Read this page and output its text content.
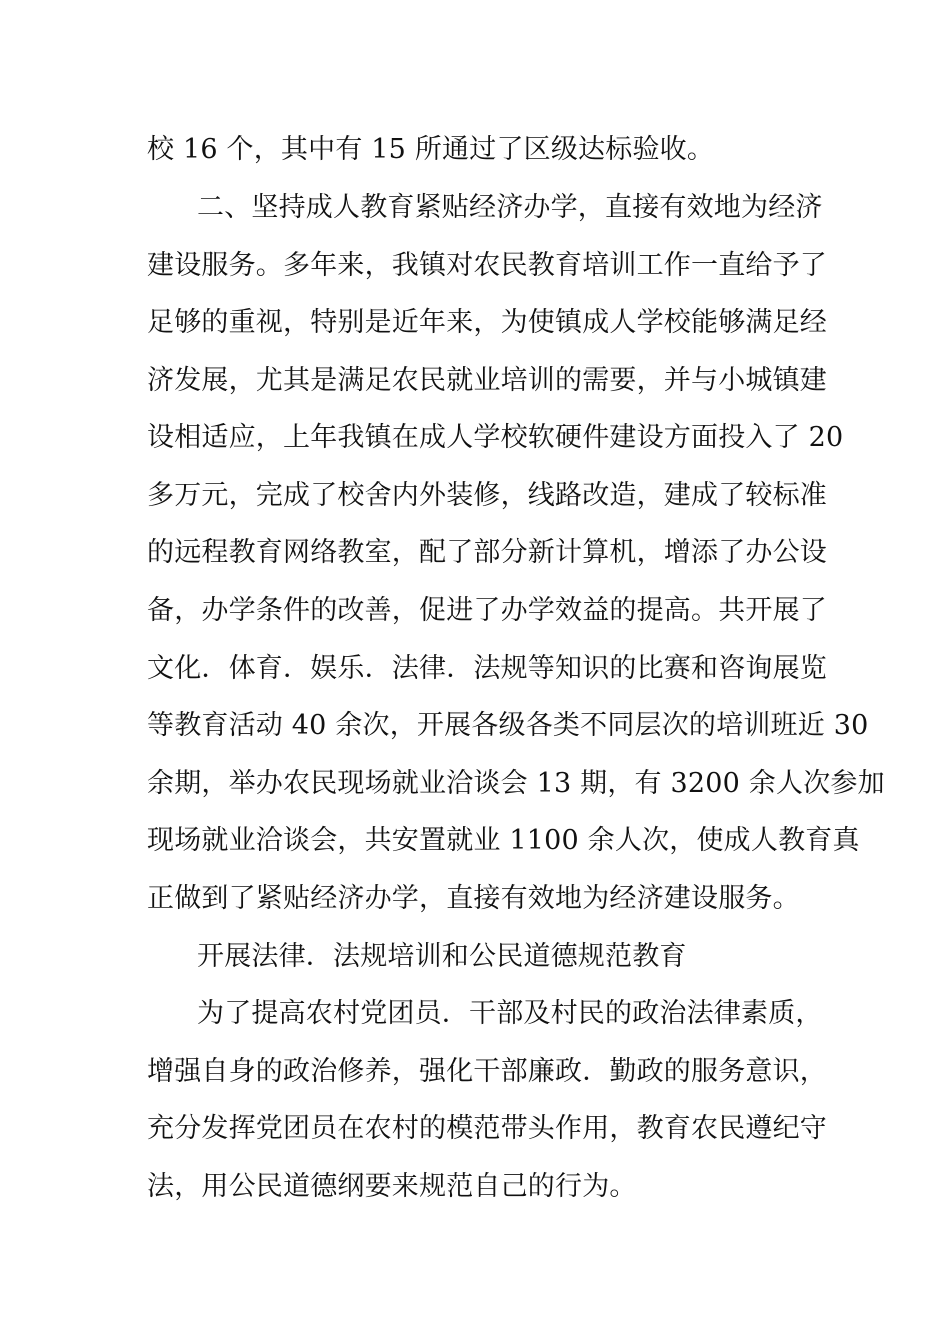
校 16 个，其中有 15 所通过了区级达标验收。
二、坚持成人教育紧贴经济办学，直接有效地为经济
建设服务。多年来，我镇对农民教育培训工作一直给予了
足够的重视，特别是近年来，为使镇成人学校能够满足经
济发展，尤其是满足农民就业培训的需要，并与小城镇建
设相适应，上年我镇在成人学校软硬件建设方面投入了 20
多万元，完成了校舍内外装修，线路改造，建成了较标准
的远程教育网络教室，配了部分新计算机，增添了办公设
备，办学条件的改善，促进了办学效益的提高。共开展了
文化．体育．娱乐．法律．法规等知识的比赛和咨询展览
等教育活动 40 余次，开展各级各类不同层次的培训班近 30
余期，举办农民现场就业洽谈会 13 期，有 3200 余人次参加
现场就业洽谈会，共安置就业 1100 余人次，使成人教育真
正做到了紧贴经济办学，直接有效地为经济建设服务。
开展法律．法规培训和公民道德规范教育
为了提高农村党团员．干部及村民的政治法律素质，
增强自身的政治修养，强化干部廉政．勤政的服务意识，
充分发挥党团员在农村的模范带头作用，教育农民遵纪守
法，用公民道德纲要来规范自己的行为。
